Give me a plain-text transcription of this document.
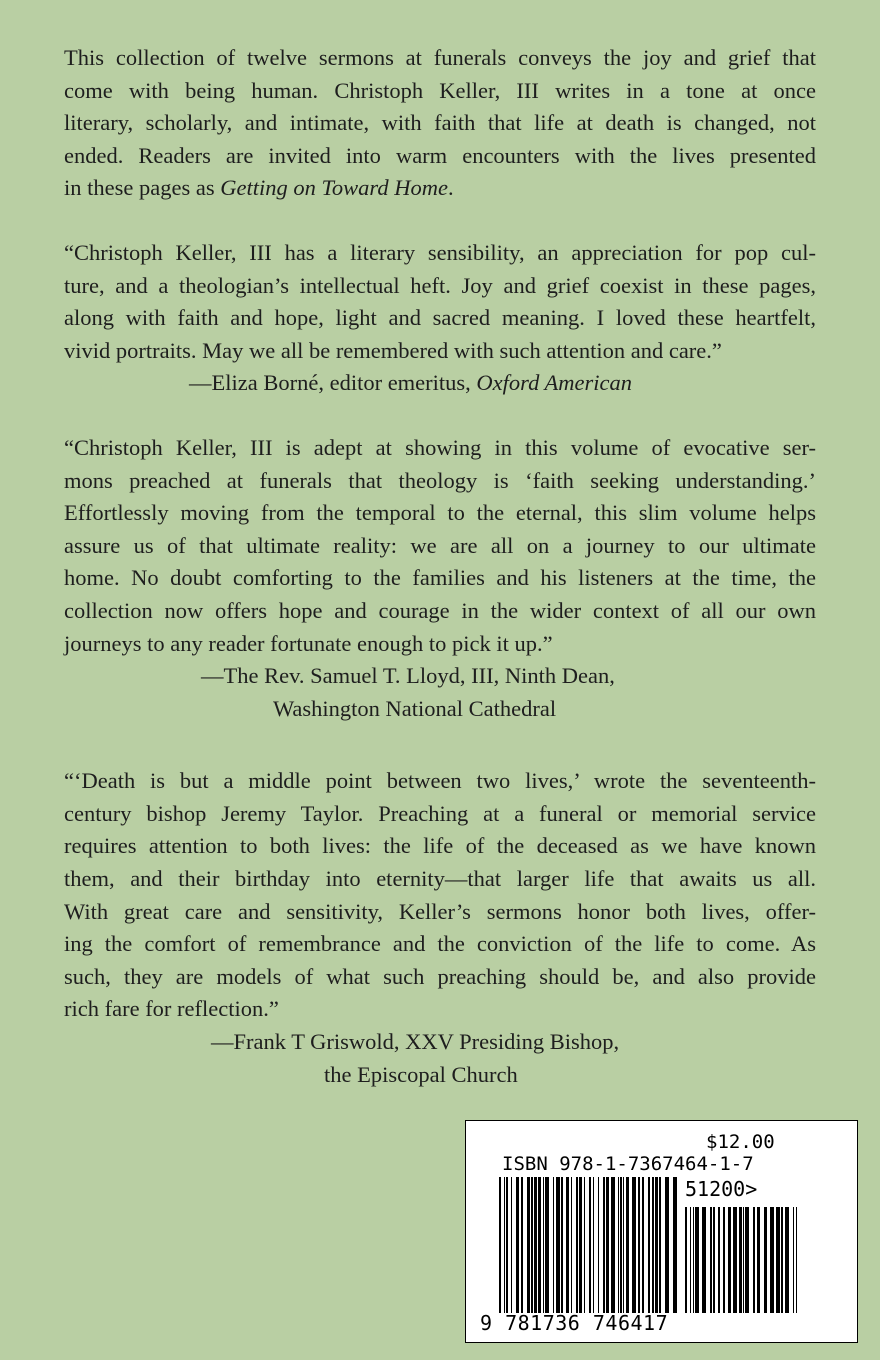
This collection of twelve sermons at funerals conveys the joy and grief that
come with being human. Christoph Keller, III writes in a tone at once
literary, scholarly, and intimate, with faith that life at death is changed, not
ended. Readers are invited into warm encounters with the lives presented
in these pages as Getting on Toward Home.
“Christoph Keller, III has a literary sensibility, an appreciation for pop cul-
ture, and a theologian’s intellectual heft. Joy and grief coexist in these pages,
along with faith and hope, light and sacred meaning. I loved these heartfelt,
vivid portraits. May we all be remembered with such attention and care.”
—Eliza Borné, editor emeritus, Oxford American
“Christoph Keller, III is adept at showing in this volume of evocative ser-
mons preached at funerals that theology is ‘faith seeking understanding.’
Effortlessly moving from the temporal to the eternal, this slim volume helps
assure us of that ultimate reality: we are all on a journey to our ultimate
home. No doubt comforting to the families and his listeners at the time, the
collection now offers hope and courage in the wider context of all our own
journeys to any reader fortunate enough to pick it up.”
—The Rev. Samuel T. Lloyd, III, Ninth Dean,
Washington National Cathedral
“‘Death is but a middle point between two lives,’ wrote the seventeenth-
century bishop Jeremy Taylor. Preaching at a funeral or memorial service
requires attention to both lives: the life of the deceased as we have known
them, and their birthday into eternity—that larger life that awaits us all.
With great care and sensitivity, Keller’s sermons honor both lives, offer-
ing the comfort of remembrance and the conviction of the life to come. As
such, they are models of what such preaching should be, and also provide
rich fare for reflection.”
—Frank T Griswold, XXV Presiding Bishop,
the Episcopal Church
$12.00
ISBN 978-1-7367464-1-7
51200>
9 781736 746417
